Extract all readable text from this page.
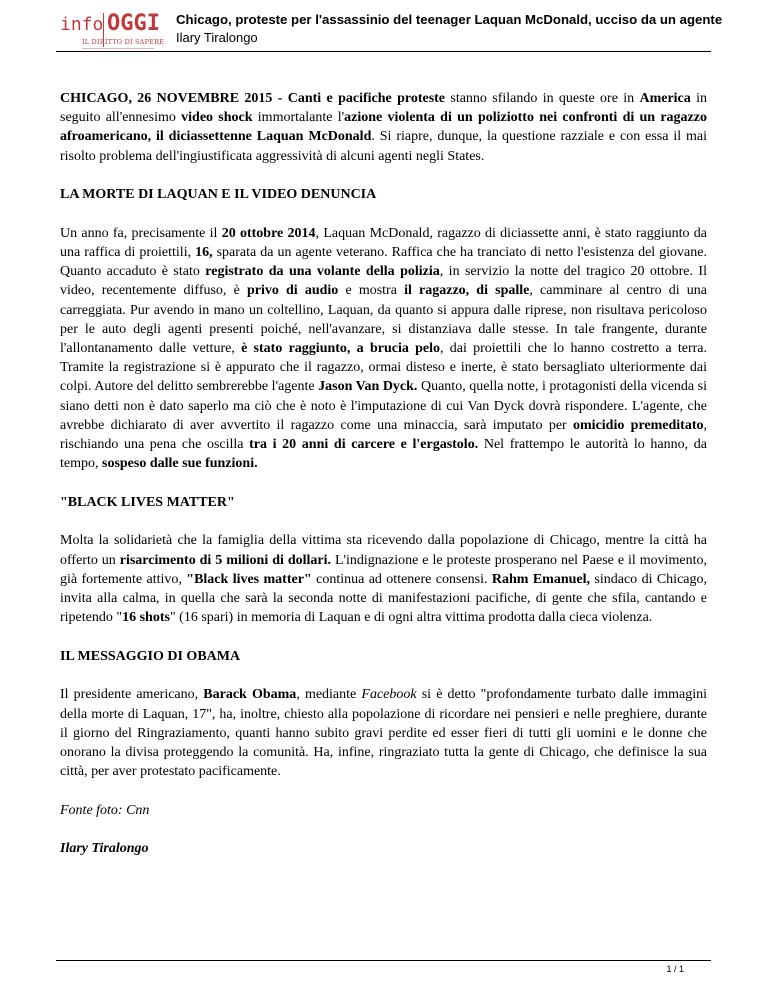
info OGGI
IL DIRITTO DI SAPERE
Chicago, proteste per l'assassinio del teenager Laquan McDonald, ucciso da un agente
Ilary Tiralongo

CHICAGO, 26 NOVEMBRE 2015 - Canti e pacifiche proteste stanno sfilando in queste ore in America in seguito all'ennesimo video shock immortalante l'azione violenta di un poliziotto nei confronti di un ragazzo afroamericano, il diciassettenne Laquan McDonald. Si riapre, dunque, la questione razziale e con essa il mai risolto problema dell'ingiustificata aggressività di alcuni agenti negli States.

LA MORTE DI LAQUAN E IL VIDEO DENUNCIA

Un anno fa, precisamente il 20 ottobre 2014, Laquan McDonald, ragazzo di diciassette anni, è stato raggiunto da una raffica di proiettili, 16, sparata da un agente veterano. Raffica che ha tranciato di netto l'esistenza del giovane. Quanto accaduto è stato registrato da una volante della polizia, in servizio la notte del tragico 20 ottobre. Il video, recentemente diffuso, è privo di audio e mostra il ragazzo, di spalle, camminare al centro di una carreggiata. Pur avendo in mano un coltellino, Laquan, da quanto si appura dalle riprese, non risultava pericoloso per le auto degli agenti presenti poiché, nell'avanzare, si distanziava dalle stesse. In tale frangente, durante l'allontanamento dalle vetture, è stato raggiunto, a brucia pelo, dai proiettili che lo hanno costretto a terra. Tramite la registrazione si è appurato che il ragazzo, ormai disteso e inerte, è stato bersagliato ulteriormente dai colpi. Autore del delitto sembrerebbe l'agente Jason Van Dyck. Quanto, quella notte, i protagonisti della vicenda si siano detti non è dato saperlo ma ciò che è noto è l'imputazione di cui Van Dyck dovrà rispondere. L'agente, che avrebbe dichiarato di aver avvertito il ragazzo come una minaccia, sarà imputato per omicidio premeditato, rischiando una pena che oscilla tra i 20 anni di carcere e l'ergastolo. Nel frattempo le autorità lo hanno, da tempo, sospeso dalle sue funzioni.

"BLACK LIVES MATTER"

Molta la solidarietà che la famiglia della vittima sta ricevendo dalla popolazione di Chicago, mentre la città ha offerto un risarcimento di 5 milioni di dollari. L'indignazione e le proteste prosperano nel Paese e il movimento, già fortemente attivo, "Black lives matter" continua ad ottenere consensi. Rahm Emanuel, sindaco di Chicago, invita alla calma, in quella che sarà la seconda notte di manifestazioni pacifiche, di gente che sfila, cantando e ripetendo "16 shots" (16 spari) in memoria di Laquan e di ogni altra vittima prodotta dalla cieca violenza.

IL MESSAGGIO DI OBAMA

Il presidente americano, Barack Obama, mediante Facebook si è detto "profondamente turbato dalle immagini della morte di Laquan, 17", ha, inoltre, chiesto alla popolazione di ricordare nei pensieri e nelle preghiere, durante il giorno del Ringraziamento, quanti hanno subito gravi perdite ed esser fieri di tutti gli uomini e le donne che onorano la divisa proteggendo la comunità. Ha, infine, ringraziato tutta la gente di Chicago, che definisce la sua città, per aver protestato pacificamente.

Fonte foto: Cnn

Ilary Tiralongo

1 / 1
